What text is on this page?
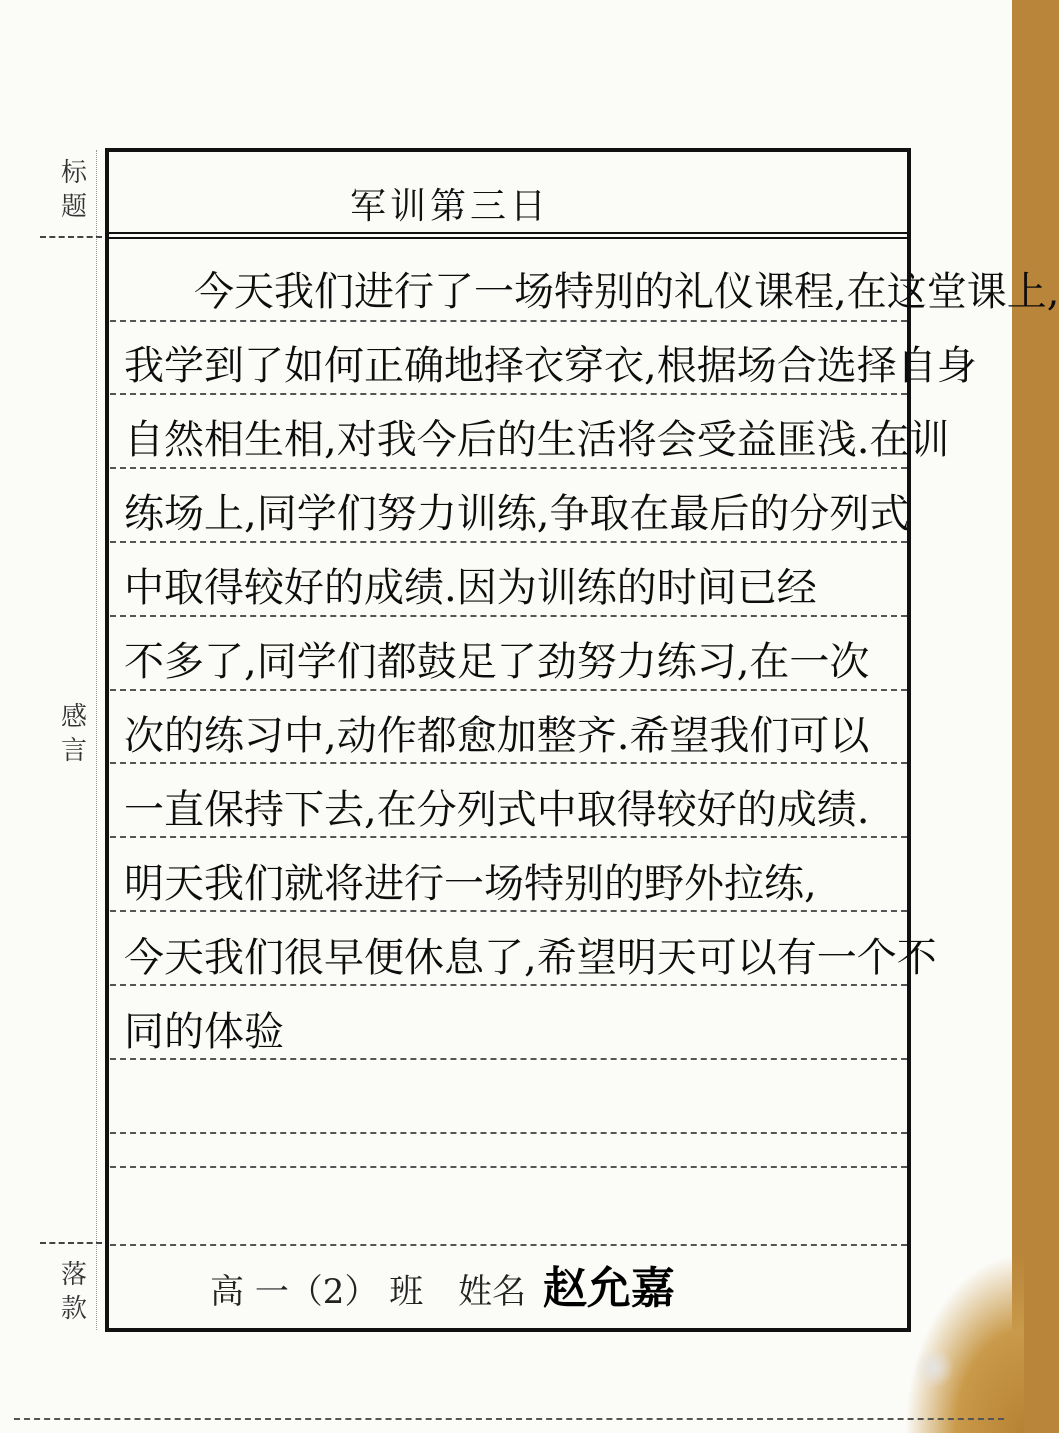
标
题
感
言
落
款
军训第三日
今天我们进行了一场特别的礼仪课程,在这堂课上,
我学到了如何正确地择衣穿衣,根据场合选择自身
自然相生相,对我今后的生活将会受益匪浅.在训
练场上,同学们努力训练,争取在最后的分列式
中取得较好的成绩.因为训练的时间已经
不多了,同学们都鼓足了劲努力练习,在一次
次的练习中,动作都愈加整齐.希望我们可以
一直保持下去,在分列式中取得较好的成绩.
明天我们就将进行一场特别的野外拉练,
今天我们很早便休息了,希望明天可以有一个不
同的体验
高 一（2） 班 姓名 赵允嘉
